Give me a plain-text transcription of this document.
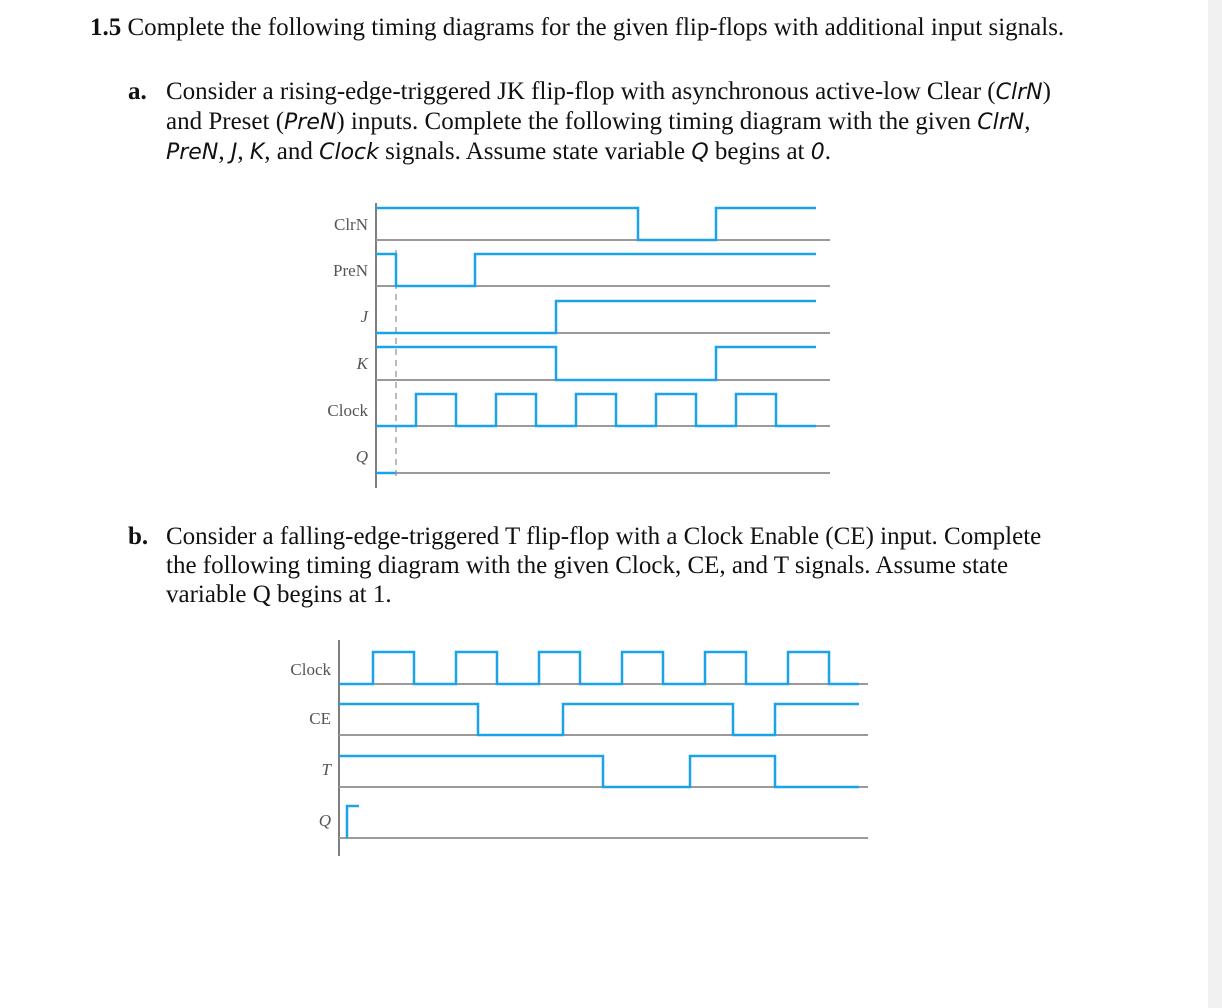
1.5 Complete the following timing diagrams for the given flip-flops with additional input signals.
a. Consider a rising-edge-triggered JK flip-flop with asynchronous active-low Clear (ClrN)
and Preset (PreN) inputs. Complete the following timing diagram with the given ClrN,
PreN, J, K, and Clock signals. Assume state variable Q begins at 0.
b. Consider a falling-edge-triggered T flip-flop with a Clock Enable (CE) input. Complete
the following timing diagram with the given Clock, CE, and T signals. Assume state
variable Q begins at 1.
ClrN
PreN
J
K
Clock
Q
Clock
CE
T
Q
